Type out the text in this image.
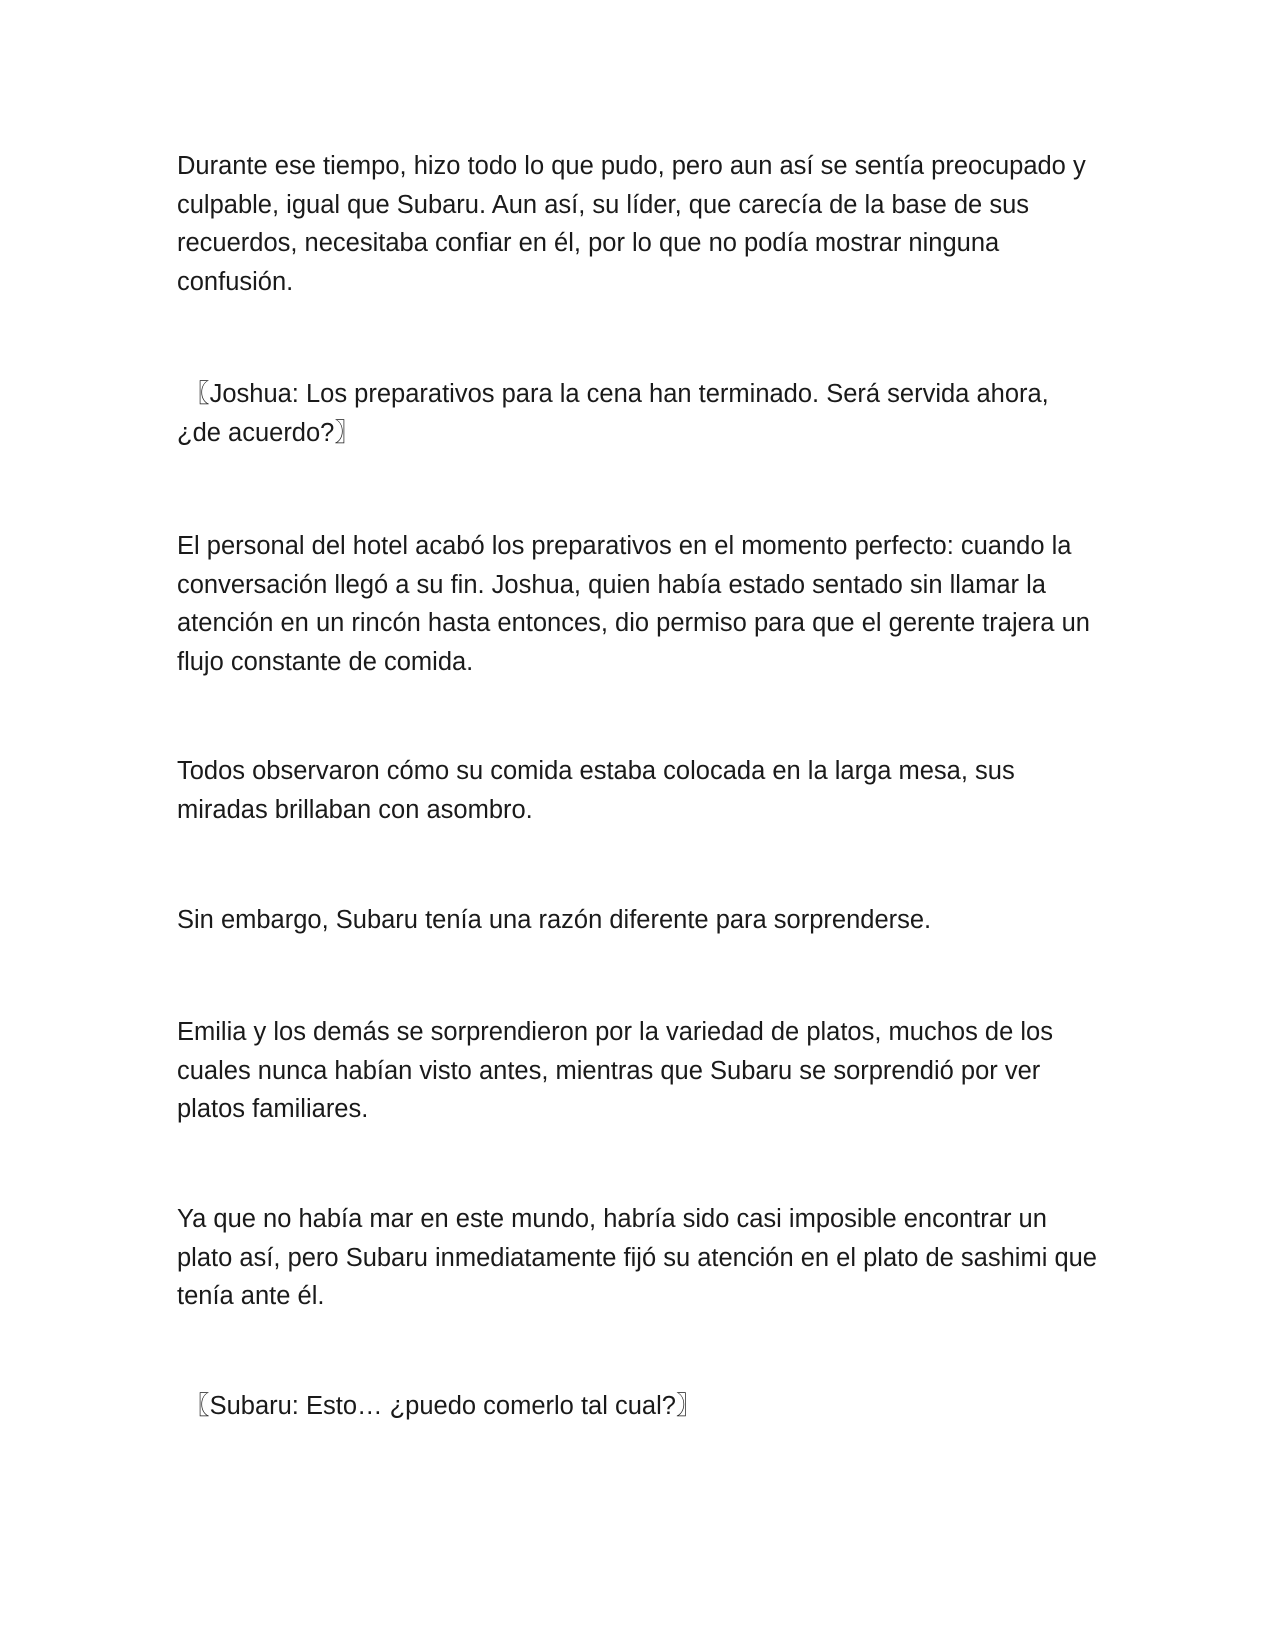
Durante ese tiempo, hizo todo lo que pudo, pero aun así se sentía preocupado y culpable, igual que Subaru. Aun así, su líder, que carecía de la base de sus recuerdos, necesitaba confiar en él, por lo que no podía mostrar ninguna confusión.

〖Joshua: Los preparativos para la cena han terminado. Será servida ahora, ¿de acuerdo?〗

El personal del hotel acabó los preparativos en el momento perfecto: cuando la conversación llegó a su fin. Joshua, quien había estado sentado sin llamar la atención en un rincón hasta entonces, dio permiso para que el gerente trajera un flujo constante de comida.

Todos observaron cómo su comida estaba colocada en la larga mesa, sus miradas brillaban con asombro.

Sin embargo, Subaru tenía una razón diferente para sorprenderse.

Emilia y los demás se sorprendieron por la variedad de platos, muchos de los cuales nunca habían visto antes, mientras que Subaru se sorprendió por ver platos familiares.

Ya que no había mar en este mundo, habría sido casi imposible encontrar un plato así, pero Subaru inmediatamente fijó su atención en el plato de sashimi que tenía ante él.

〖Subaru: Esto… ¿puedo comerlo tal cual?〗
